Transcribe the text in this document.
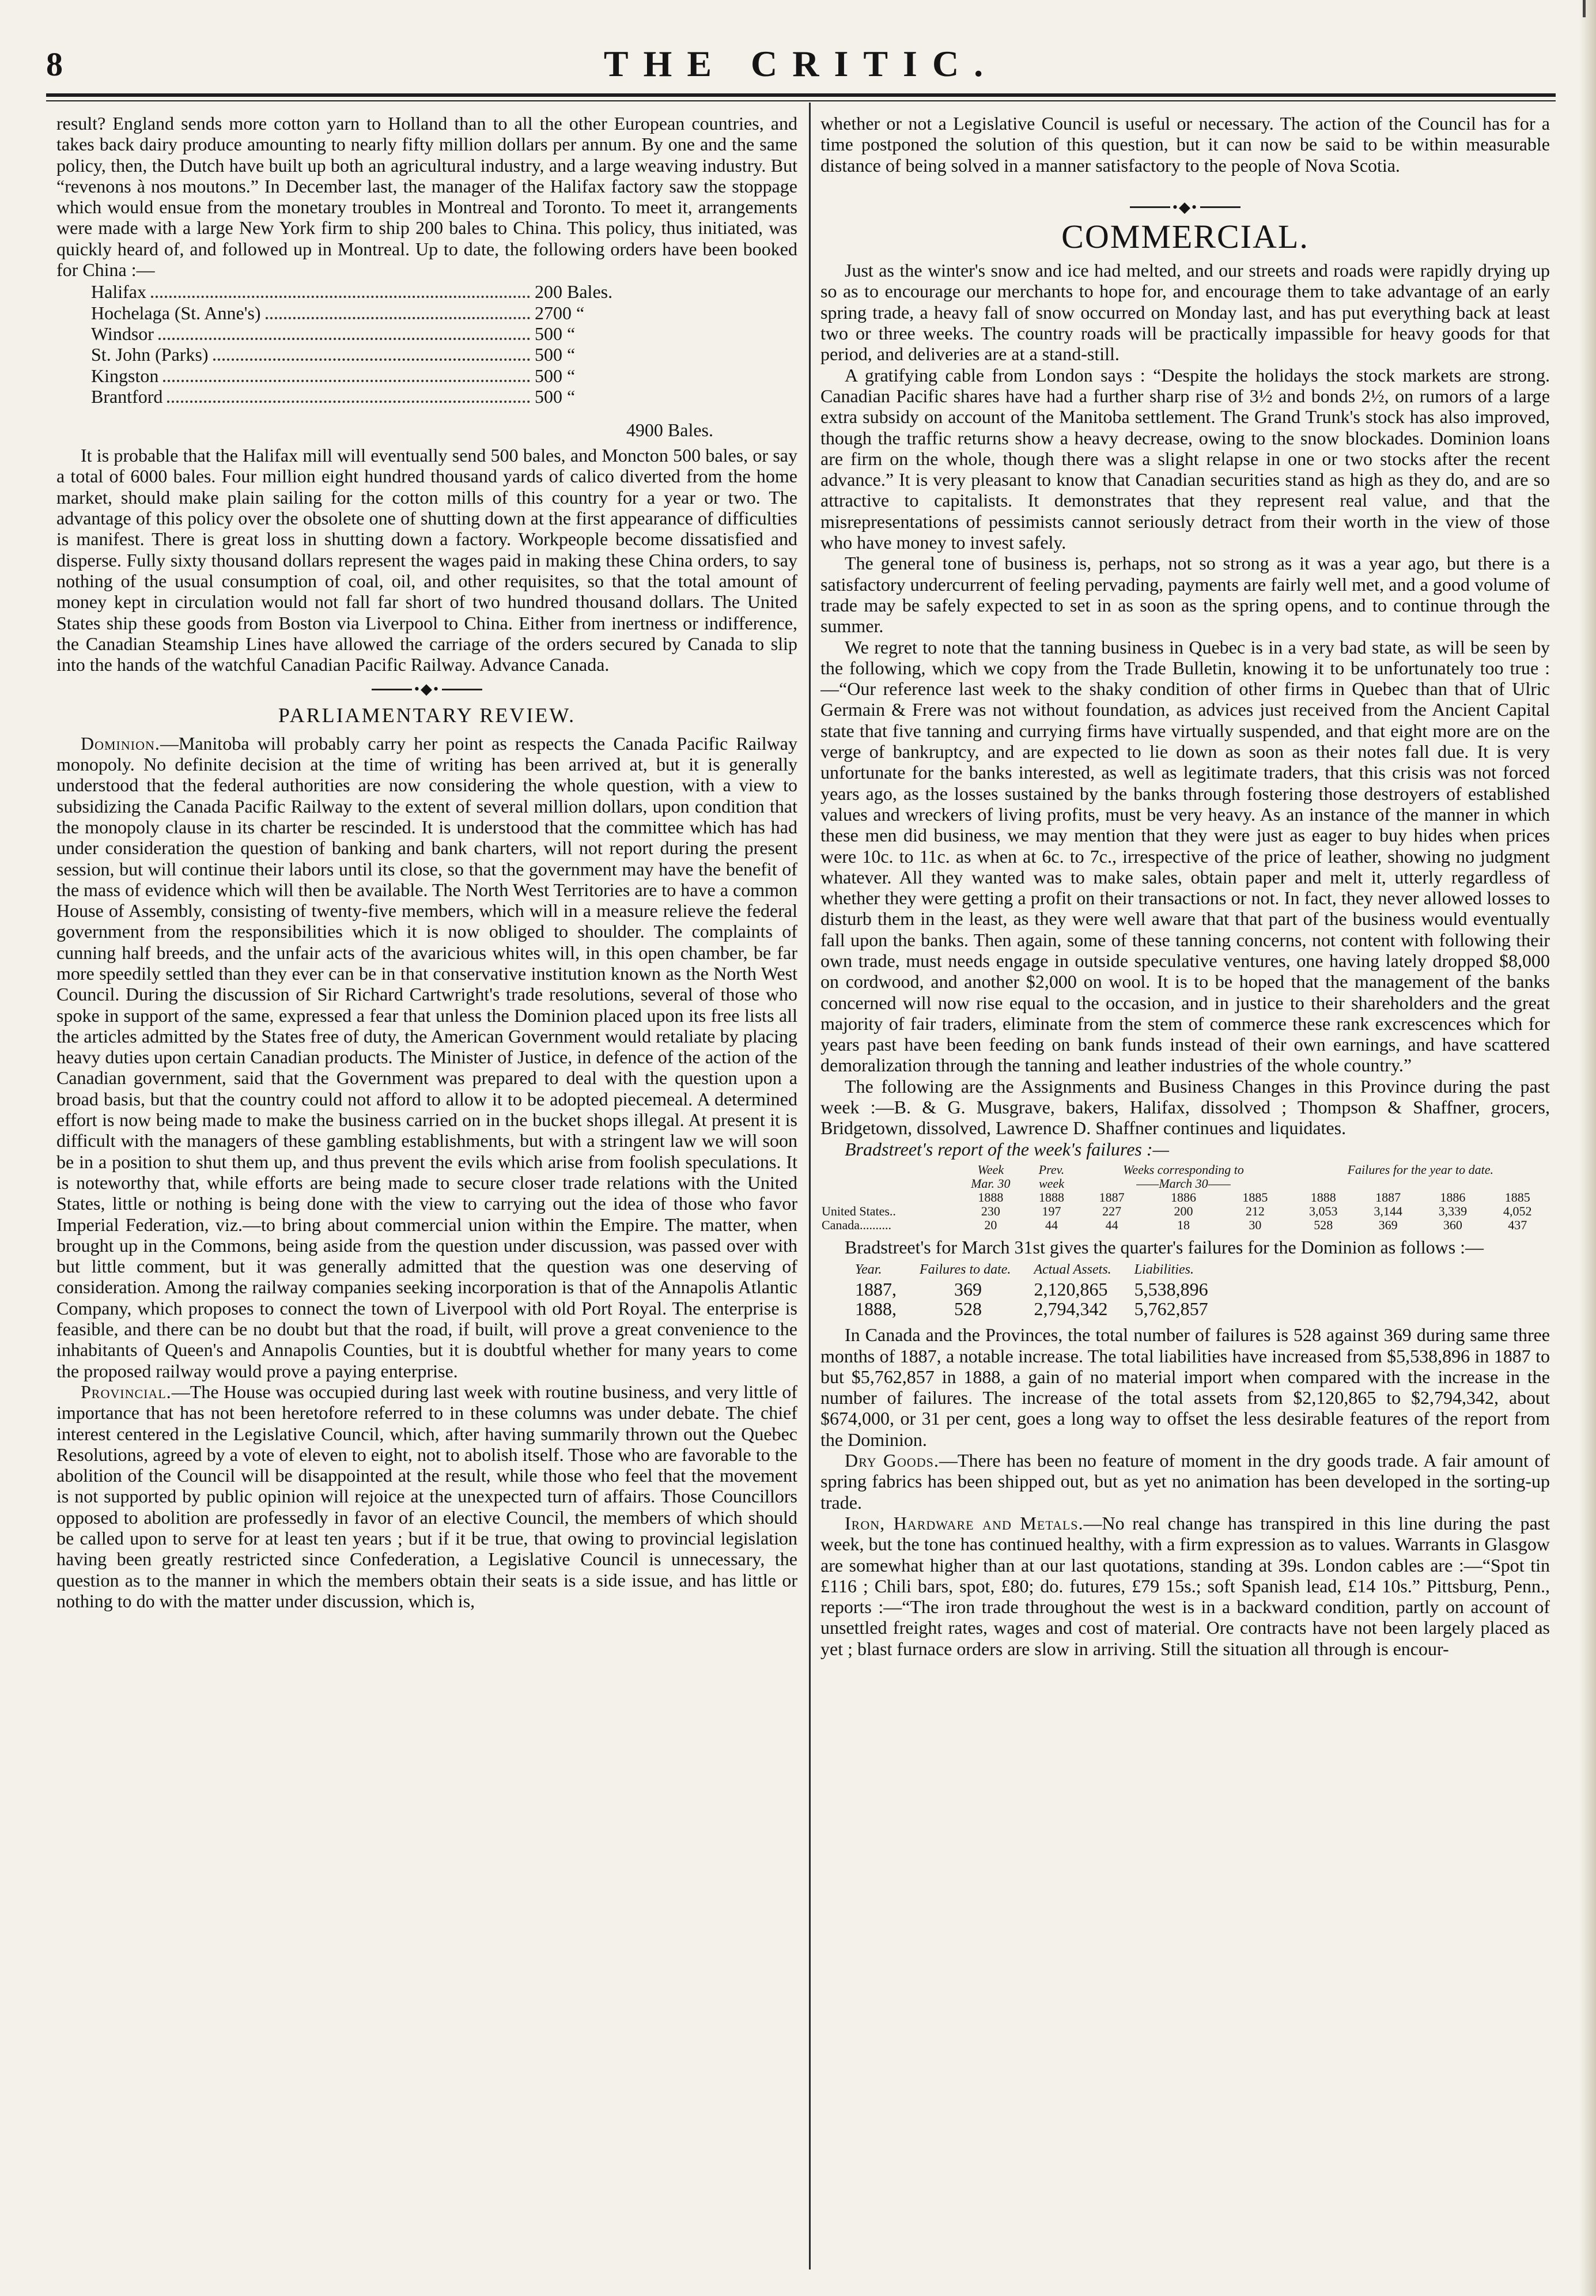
8	THE CRITIC.

result? England sends more cotton yarn to Holland than to all the other European countries, and takes back dairy produce amounting to nearly fifty million dollars per annum. By one and the same policy, then, the Dutch have built up both an agricultural industry, and a large weaving industry. But “revenons à nos moutons.” In December last, the manager of the Halifax factory saw the stoppage which would ensue from the monetary troubles in Montreal and Toronto. To meet it, arrangements were made with a large New York firm to ship 200 bales to China. This policy, thus initiated, was quickly heard of, and followed up in Montreal. Up to date, the following orders have been booked for China :—

Halifax	200 Bales.
Hochelaga (St. Anne's)	2700 “
Windsor	500 “
St. John (Parks)	500 “
Kingston	500 “
Brantford	500 “
4900 Bales.

It is probable that the Halifax mill will eventually send 500 bales, and Moncton 500 bales, or say a total of 6000 bales. Four million eight hundred thousand yards of calico diverted from the home market, should make plain sailing for the cotton mills of this country for a year or two. The advantage of this policy over the obsolete one of shutting down at the first appearance of difficulties is manifest. There is great loss in shutting down a factory. Workpeople become dissatisfied and disperse. Fully sixty thousand dollars represent the wages paid in making these China orders, to say nothing of the usual consumption of coal, oil, and other requisites, so that the total amount of money kept in circulation would not fall far short of two hundred thousand dollars. The United States ship these goods from Boston via Liverpool to China. Either from inertness or indifference, the Canadian Steamship Lines have allowed the carriage of the orders secured by Canada to slip into the hands of the watchful Canadian Pacific Railway. Advance Canada.

•◆•
PARLIAMENTARY REVIEW.

Dominion.—Manitoba will probably carry her point as respects the Canada Pacific Railway monopoly. No definite decision at the time of writing has been arrived at, but it is generally understood that the federal authorities are now considering the whole question, with a view to subsidizing the Canada Pacific Railway to the extent of several million dollars, upon condition that the monopoly clause in its charter be rescinded. It is understood that the committee which has had under consideration the question of banking and bank charters, will not report during the present session, but will continue their labors until its close, so that the government may have the benefit of the mass of evidence which will then be available. The North West Territories are to have a common House of Assembly, consisting of twenty-five members, which will in a measure relieve the federal government from the responsibilities which it is now obliged to shoulder. The complaints of cunning half breeds, and the unfair acts of the avaricious whites will, in this open chamber, be far more speedily settled than they ever can be in that conservative institution known as the North West Council. During the discussion of Sir Richard Cartwright's trade resolutions, several of those who spoke in support of the same, expressed a fear that unless the Dominion placed upon its free lists all the articles admitted by the States free of duty, the American Government would retaliate by placing heavy duties upon certain Canadian products. The Minister of Justice, in defence of the action of the Canadian government, said that the Government was prepared to deal with the question upon a broad basis, but that the country could not afford to allow it to be adopted piecemeal. A determined effort is now being made to make the business carried on in the bucket shops illegal. At present it is difficult with the managers of these gambling establishments, but with a stringent law we will soon be in a position to shut them up, and thus prevent the evils which arise from foolish speculations. It is noteworthy that, while efforts are being made to secure closer trade relations with the United States, little or nothing is being done with the view to carrying out the idea of those who favor Imperial Federation, viz.—to bring about commercial union within the Empire. The matter, when brought up in the Commons, being aside from the question under discussion, was passed over with but little comment, but it was generally admitted that the question was one deserving of consideration. Among the railway companies seeking incorporation is that of the Annapolis Atlantic Company, which proposes to connect the town of Liverpool with old Port Royal. The enterprise is feasible, and there can be no doubt but that the road, if built, will prove a great convenience to the inhabitants of Queen's and Annapolis Counties, but it is doubtful whether for many years to come the proposed railway would prove a paying enterprise.

Provincial.—The House was occupied during last week with routine business, and very little of importance that has not been heretofore referred to in these columns was under debate. The chief interest centered in the Legislative Council, which, after having summarily thrown out the Quebec Resolutions, agreed by a vote of eleven to eight, not to abolish itself. Those who are favorable to the abolition of the Council will be disappointed at the result, while those who feel that the movement is not supported by public opinion will rejoice at the unexpected turn of affairs. Those Councillors opposed to abolition are professedly in favor of an elective Council, the members of which should be called upon to serve for at least ten years ; but if it be true, that owing to provincial legislation having been greatly restricted since Confederation, a Legislative Council is unnecessary, the question as to the manner in which the members obtain their seats is a side issue, and has little or nothing to do with the matter under discussion, which is,

whether or not a Legislative Council is useful or necessary. The action of the Council has for a time postponed the solution of this question, but it can now be said to be within measurable distance of being solved in a manner satisfactory to the people of Nova Scotia.

•◆•
COMMERCIAL.

Just as the winter's snow and ice had melted, and our streets and roads were rapidly drying up so as to encourage our merchants to hope for, and encourage them to take advantage of an early spring trade, a heavy fall of snow occurred on Monday last, and has put everything back at least two or three weeks. The country roads will be practically impassible for heavy goods for that period, and deliveries are at a stand-still.

A gratifying cable from London says : “Despite the holidays the stock markets are strong. Canadian Pacific shares have had a further sharp rise of 3½ and bonds 2½, on rumors of a large extra subsidy on account of the Manitoba settlement. The Grand Trunk's stock has also improved, though the traffic returns show a heavy decrease, owing to the snow blockades. Dominion loans are firm on the whole, though there was a slight relapse in one or two stocks after the recent advance.” It is very pleasant to know that Canadian securities stand as high as they do, and are so attractive to capitalists. It demonstrates that they represent real value, and that the misrepresentations of pessimists cannot seriously detract from their worth in the view of those who have money to invest safely.

The general tone of business is, perhaps, not so strong as it was a year ago, but there is a satisfactory undercurrent of feeling pervading, payments are fairly well met, and a good volume of trade may be safely expected to set in as soon as the spring opens, and to continue through the summer.

We regret to note that the tanning business in Quebec is in a very bad state, as will be seen by the following, which we copy from the Trade Bulletin, knowing it to be unfortunately too true :—“Our reference last week to the shaky condition of other firms in Quebec than that of Ulric Germain & Frere was not without foundation, as advices just received from the Ancient Capital state that five tanning and currying firms have virtually suspended, and that eight more are on the verge of bankruptcy, and are expected to lie down as soon as their notes fall due. It is very unfortunate for the banks interested, as well as legitimate traders, that this crisis was not forced years ago, as the losses sustained by the banks through fostering those destroyers of established values and wreckers of living profits, must be very heavy. As an instance of the manner in which these men did business, we may mention that they were just as eager to buy hides when prices were 10c. to 11c. as when at 6c. to 7c., irrespective of the price of leather, showing no judgment whatever. All they wanted was to make sales, obtain paper and melt it, utterly regardless of whether they were getting a profit on their transactions or not. In fact, they never allowed losses to disturb them in the least, as they were well aware that that part of the business would eventually fall upon the banks. Then again, some of these tanning concerns, not content with following their own trade, must needs engage in outside speculative ventures, one having lately dropped $8,000 on cordwood, and another $2,000 on wool. It is to be hoped that the management of the banks concerned will now rise equal to the occasion, and in justice to their shareholders and the great majority of fair traders, eliminate from the stem of commerce these rank excrescences which for years past have been feeding on bank funds instead of their own earnings, and have scattered demoralization through the tanning and leather industries of the whole country.”

The following are the Assignments and Business Changes in this Province during the past week :—B. & G. Musgrave, bakers, Halifax, dissolved ; Thompson & Shaffner, grocers, Bridgetown, dissolved, Lawrence D. Shaffner continues and liquidates.

Bradstreet's report of the week's failures :—

	Week	Prev.	Weeks corresponding to			Failures for the year to date.			
	Mar. 30	week	——March 30——						
	1888	1888	1887	1886	1885	1888	1887	1886	1885
United States..	230	197	227	200	212	3,053	3,144	3,339	4,052
Canada..........	20	44	44	18	30	528	369	360	437

Bradstreet's for March 31st gives the quarter's failures for the Dominion as follows :—

Year.	Failures to date.	Actual Assets.	Liabilities.
1887,	369	2,120,865	5,538,896
1888,	528	2,794,342	5,762,857

In Canada and the Provinces, the total number of failures is 528 against 369 during same three months of 1887, a notable increase. The total liabilities have increased from $5,538,896 in 1887 to but $5,762,857 in 1888, a gain of no material import when compared with the increase in the number of failures. The increase of the total assets from $2,120,865 to $2,794,342, about $674,000, or 31 per cent, goes a long way to offset the less desirable features of the report from the Dominion.

Dry Goods.—There has been no feature of moment in the dry goods trade. A fair amount of spring fabrics has been shipped out, but as yet no animation has been developed in the sorting-up trade.

Iron, Hardware and Metals.—No real change has transpired in this line during the past week, but the tone has continued healthy, with a firm expression as to values. Warrants in Glasgow are somewhat higher than at our last quotations, standing at 39s. London cables are :—“Spot tin £116 ; Chili bars, spot, £80; do. futures, £79 15s.; soft Spanish lead, £14 10s.” Pittsburg, Penn., reports :—“The iron trade throughout the west is in a backward condition, partly on account of unsettled freight rates, wages and cost of material. Ore contracts have not been largely placed as yet ; blast furnace orders are slow in arriving. Still the situation all through is encour-
